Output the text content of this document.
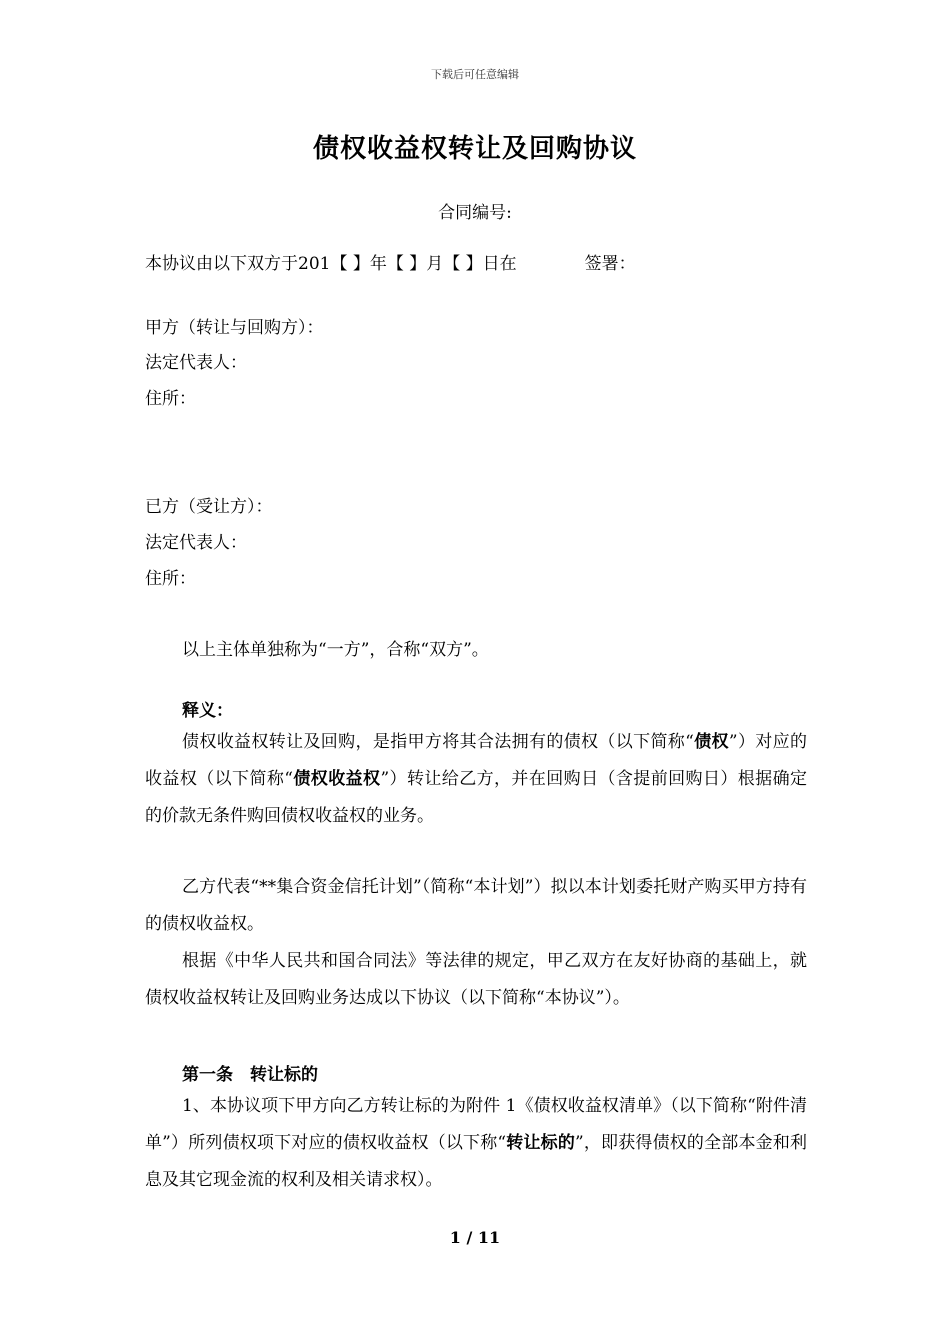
下载后可任意编辑
债权收益权转让及回购协议
合同编号:
本协议由以下双方于201【 】年【 】月【 】日在	签署：
甲方（转让与回购方）：
法定代表人：
住所：
已方（受让方）：
法定代表人：
住所：
以上主体单独称为“一方”，合称“双方”。
释义：
债权收益权转让及回购，是指甲方将其合法拥有的债权（以下简称“债权”）对应的收益权（以下简称“债权收益权”）转让给乙方，并在回购日（含提前回购日）根据确定的价款无条件购回债权收益权的业务。
乙方代表“**集合资金信托计划”（简称“本计划”）拟以本计划委托财产购买甲方持有的债权收益权。
根据《中华人民共和国合同法》等法律的规定，甲乙双方在友好协商的基础上，就债权收益权转让及回购业务达成以下协议（以下简称“本协议”）。
第一条　转让标的
1、本协议项下甲方向乙方转让标的为附件 1《债权收益权清单》（以下简称“附件清单”）所列债权项下对应的债权收益权（以下称“转让标的”，即获得债权的全部本金和利息及其它现金流的权利及相关请求权）。
1 / 11
